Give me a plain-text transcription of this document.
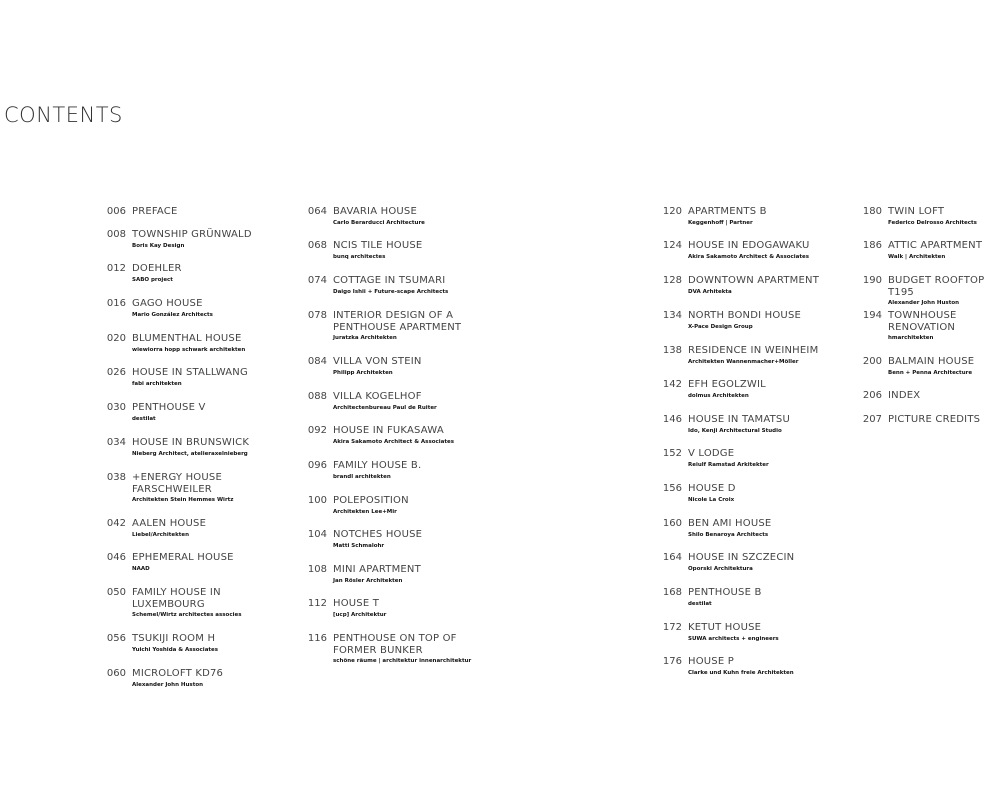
CONTENTS
006 PREFACE
008 TOWNSHIP GRÜNWALD
Boris Kay Design
012 DOEHLER
SABO project
016 GAGO HOUSE
Mario González Architects
020 BLUMENTHAL HOUSE
wiewiorra hopp schwark architekten
026 HOUSE IN STALLWANG
fabi architekten
030 PENTHOUSE V
destilat
034 HOUSE IN BRUNSWICK
Nieberg Architect, atelieraxelnieberg
038 +ENERGY HOUSE
FARSCHWEILER
Architekten Stein Hemmes Wirtz
042 AALEN HOUSE
Liebel/Architekten
046 EPHEMERAL HOUSE
NAAD
050 FAMILY HOUSE IN
LUXEMBOURG
Schemel/Wirtz architectes associes
056 TSUKIJI ROOM H
Yuichi Yoshida & Associates
060 MICROLOFT KD76
Alexander John Huston
064 BAVARIA HOUSE
Carlo Berarducci Architecture
068 NCIS TILE HOUSE
bunq architectes
074 COTTAGE IN TSUMARI
Daigo Ishii + Future-scape Architects
078 INTERIOR DESIGN OF A
PENTHOUSE APARTMENT
Juratzka Architekten
084 VILLA VON STEIN
Philipp Architekten
088 VILLA KOGELHOF
Architectenbureau Paul de Ruiter
092 HOUSE IN FUKASAWA
Akira Sakamoto Architect & Associates
096 FAMILY HOUSE B.
brandl architekten
100 POLEPOSITION
Architekten Lee+Mir
104 NOTCHES HOUSE
Matti Schmalohr
108 MINI APARTMENT
Jan Rösler Architekten
112 HOUSE T
[ucp] Architektur
116 PENTHOUSE ON TOP OF
FORMER BUNKER
schöne räume | architektur innenarchitektur
120 APARTMENTS B
Keggenhoff | Partner
124 HOUSE IN EDOGAWAKU
Akira Sakamoto Architect & Associates
128 DOWNTOWN APARTMENT
DVA Arhitekta
134 NORTH BONDI HOUSE
X-Pace Design Group
138 RESIDENCE IN WEINHEIM
Architekten Wannenmacher+Möller
142 EFH EGOLZWIL
dolmus Architekten
146 HOUSE IN TAMATSU
Ido, Kenji Architectural Studio
152 V LODGE
Reiulf Ramstad Arkitekter
156 HOUSE D
Nicole La Croix
160 BEN AMI HOUSE
Shilo Benaroya Architects
164 HOUSE IN SZCZECIN
Oporski Architektura
168 PENTHOUSE B
destilat
172 KETUT HOUSE
SUWA architects + engineers
176 HOUSE P
Clarke und Kuhn freie Architekten
180 TWIN LOFT
Federico Delrosso Architects
186 ATTIC APARTMENT
Walk | Architekten
190 BUDGET ROOFTOP T195
Alexander John Huston
194 TOWNHOUSE
RENOVATION
hmarchitekten
200 BALMAIN HOUSE
Benn + Penna Architecture
206 INDEX
207 PICTURE CREDITS
